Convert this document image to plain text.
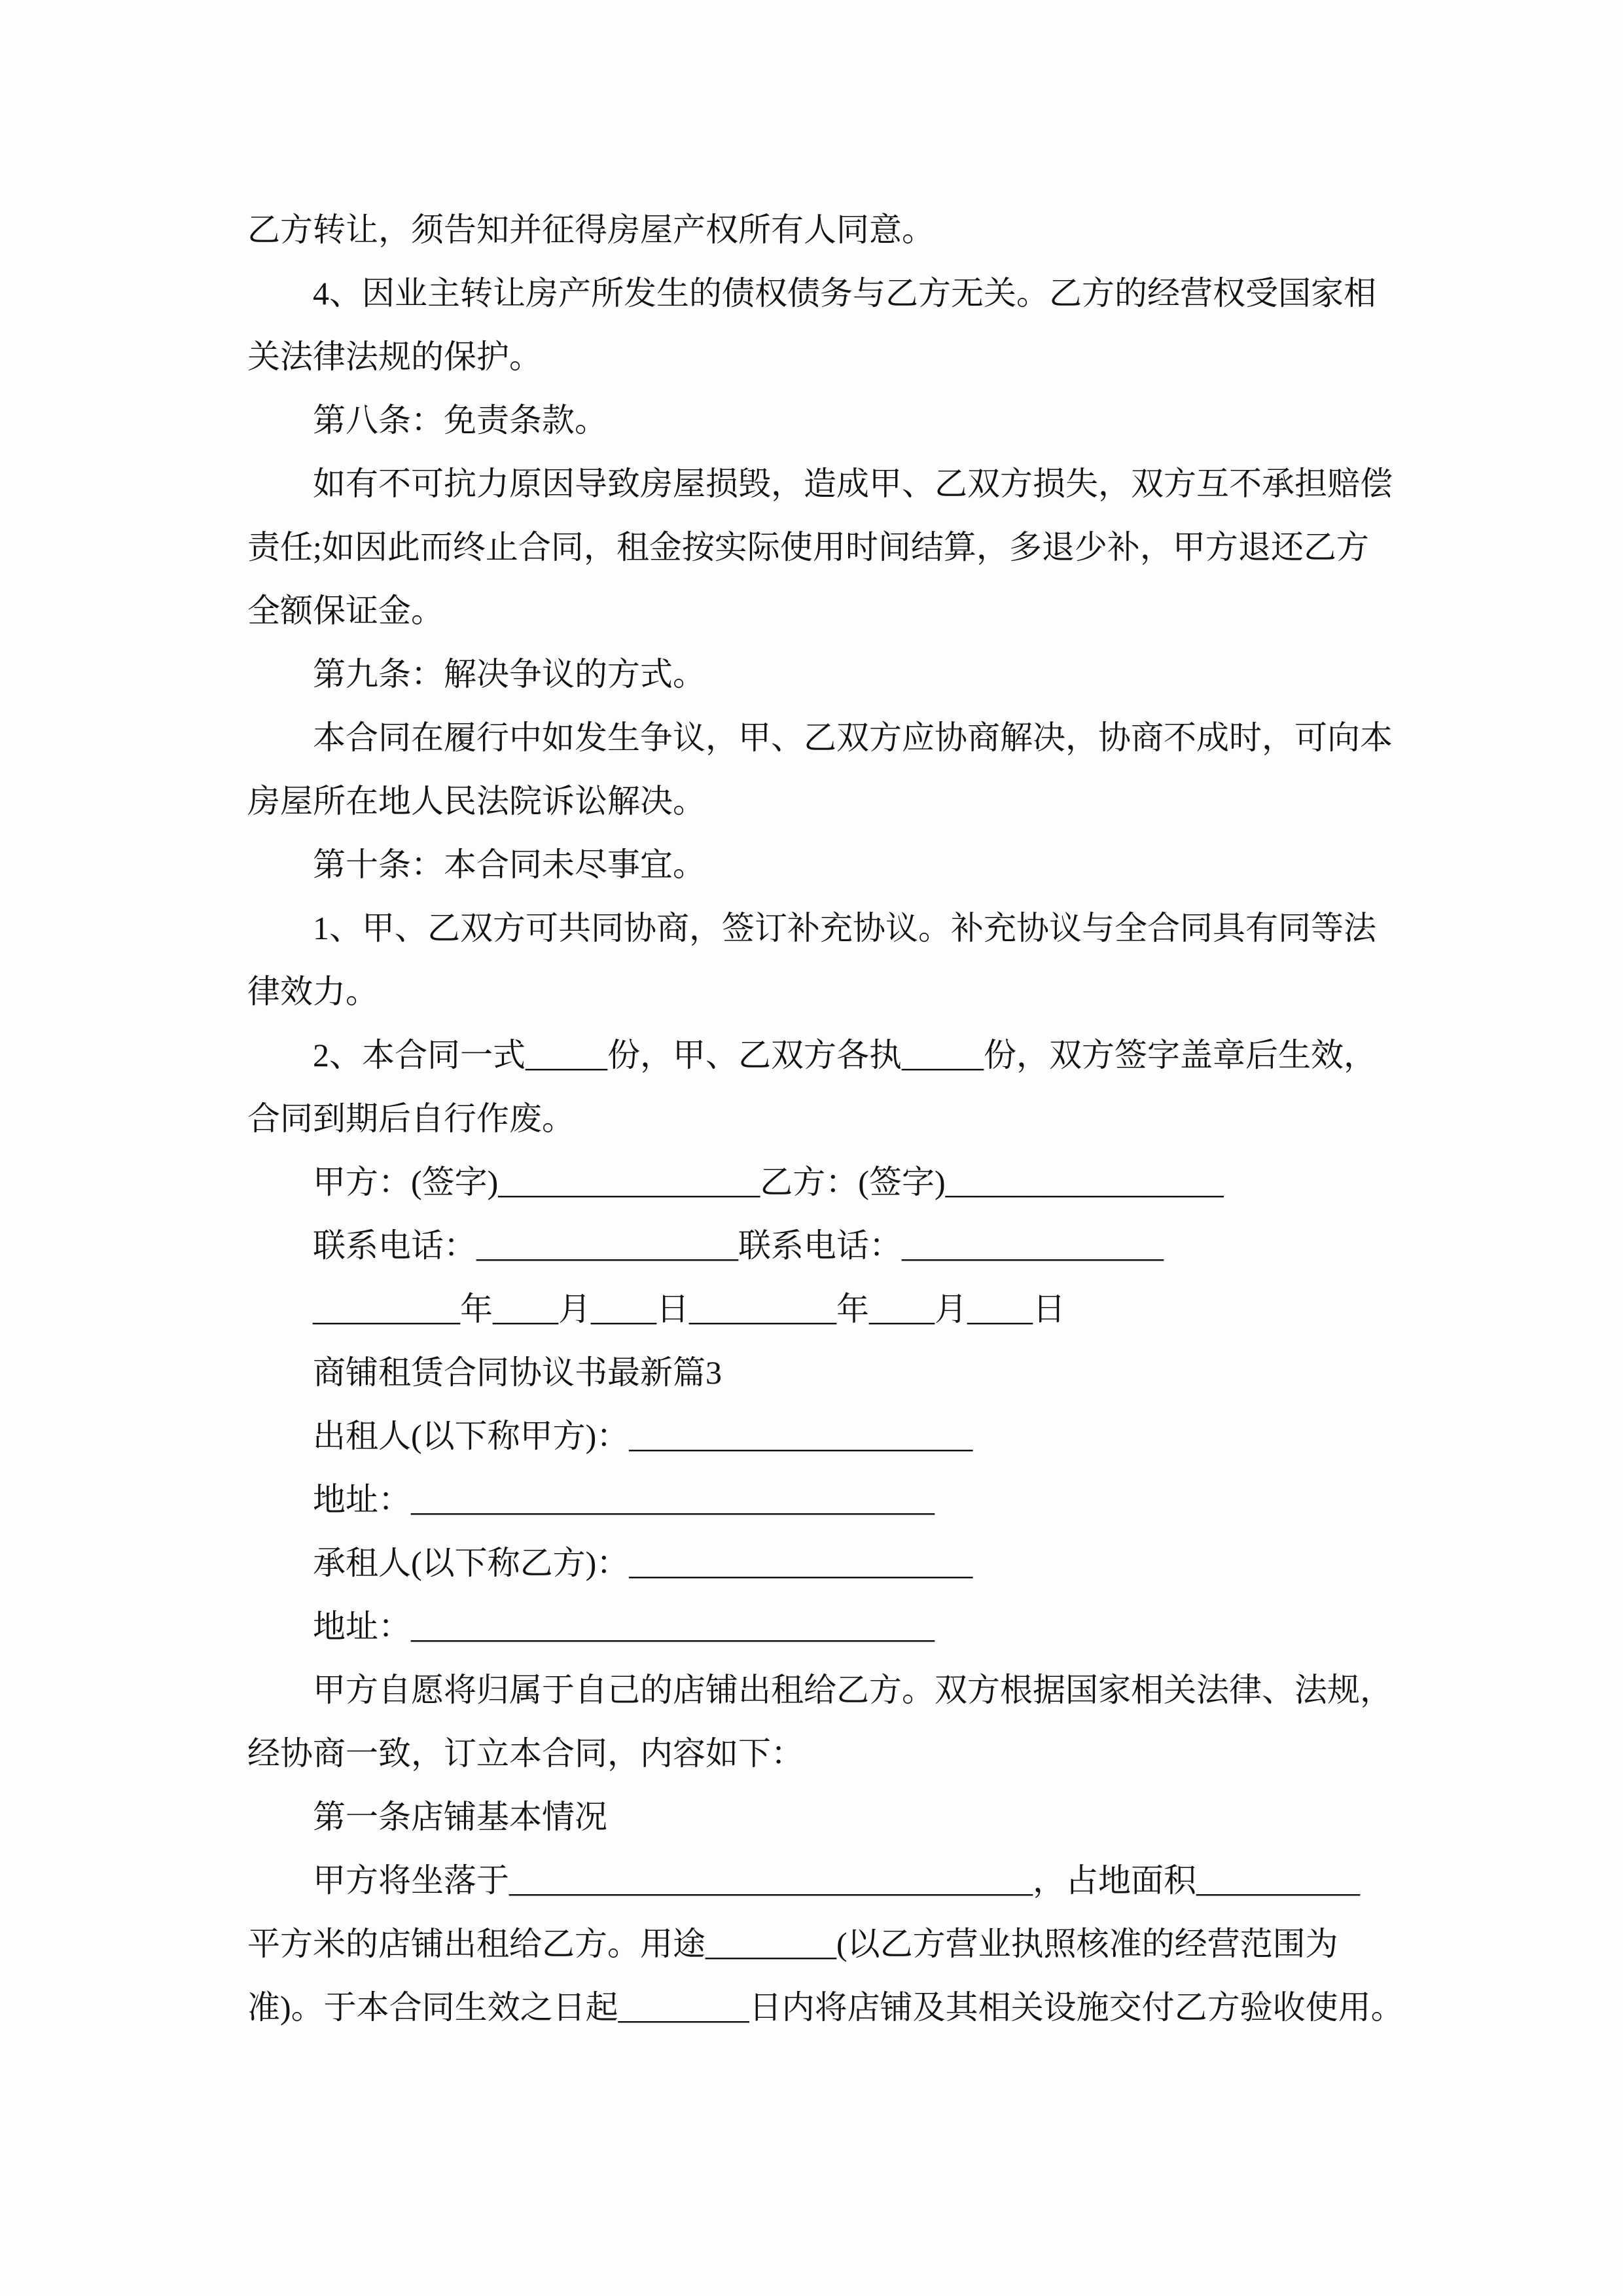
乙方转让，须告知并征得房屋产权所有人同意。
4、因业主转让房产所发生的债权债务与乙方无关。乙方的经营权受国家相
关法律法规的保护。
第八条：免责条款。
如有不可抗力原因导致房屋损毁，造成甲、乙双方损失，双方互不承担赔偿
责任;如因此而终止合同，租金按实际使用时间结算，多退少补，甲方退还乙方
全额保证金。
第九条：解决争议的方式。
本合同在履行中如发生争议，甲、乙双方应协商解决，协商不成时，可向本
房屋所在地人民法院诉讼解决。
第十条：本合同未尽事宜。
1、甲、乙双方可共同协商，签订补充协议。补充协议与全合同具有同等法
律效力。
2、本合同一式_____份，甲、乙双方各执_____份，双方签字盖章后生效，
合同到期后自行作废。
甲方：(签字)________________乙方：(签字)_________________
联系电话：________________联系电话：________________
_________年____月____日_________年____月____日
商铺租赁合同协议书最新篇3
出租人(以下称甲方)：_____________________
地址：________________________________
承租人(以下称乙方)：_____________________
地址：________________________________
甲方自愿将归属于自己的店铺出租给乙方。双方根据国家相关法律、法规，
经协商一致，订立本合同，内容如下：
第一条店铺基本情况
甲方将坐落于________________________________，占地面积__________
平方米的店铺出租给乙方。用途________(以乙方营业执照核准的经营范围为
准)。于本合同生效之日起________日内将店铺及其相关设施交付乙方验收使用。
